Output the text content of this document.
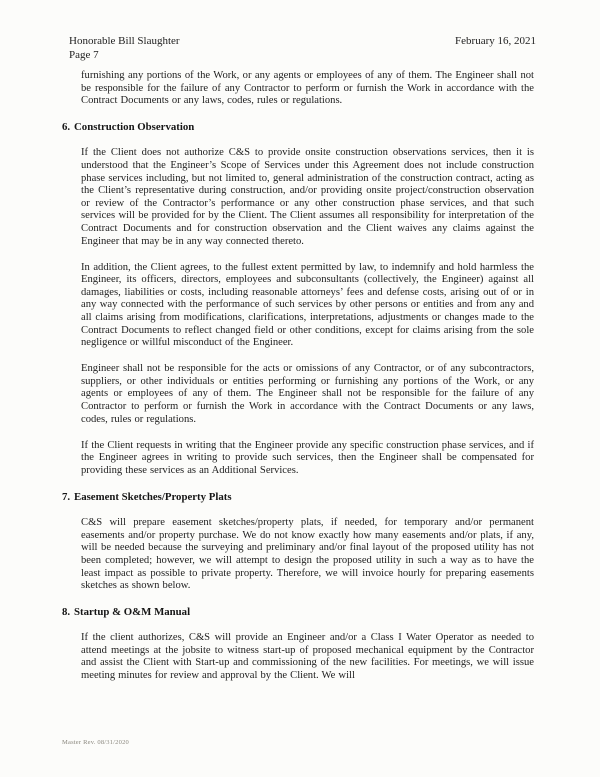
Honorable Bill Slaughter
Page 7
February 16, 2021

furnishing any portions of the Work, or any agents or employees of any of them. The Engineer shall not be responsible for the failure of any Contractor to perform or furnish the Work in accordance with the Contract Documents or any laws, codes, rules or regulations.

6. Construction Observation

If the Client does not authorize C&S to provide onsite construction observations services, then it is understood that the Engineer’s Scope of Services under this Agreement does not include construction phase services including, but not limited to, general administration of the construction contract, acting as the Client’s representative during construction, and/or providing onsite project/construction observation or review of the Contractor’s performance or any other construction phase services, and that such services will be provided for by the Client. The Client assumes all responsibility for interpretation of the Contract Documents and for construction observation and the Client waives any claims against the Engineer that may be in any way connected thereto.

In addition, the Client agrees, to the fullest extent permitted by law, to indemnify and hold harmless the Engineer, its officers, directors, employees and subconsultants (collectively, the Engineer) against all damages, liabilities or costs, including reasonable attorneys’ fees and defense costs, arising out of or in any way connected with the performance of such services by other persons or entities and from any and all claims arising from modifications, clarifications, interpretations, adjustments or changes made to the Contract Documents to reflect changed field or other conditions, except for claims arising from the sole negligence or willful misconduct of the Engineer.

Engineer shall not be responsible for the acts or omissions of any Contractor, or of any subcontractors, suppliers, or other individuals or entities performing or furnishing any portions of the Work, or any agents or employees of any of them. The Engineer shall not be responsible for the failure of any Contractor to perform or furnish the Work in accordance with the Contract Documents or any laws, codes, rules or regulations.

If the Client requests in writing that the Engineer provide any specific construction phase services, and if the Engineer agrees in writing to provide such services, then the Engineer shall be compensated for providing these services as an Additional Services.

7. Easement Sketches/Property Plats

C&S will prepare easement sketches/property plats, if needed, for temporary and/or permanent easements and/or property purchase. We do not know exactly how many easements and/or plats, if any, will be needed because the surveying and preliminary and/or final layout of the proposed utility has not been completed; however, we will attempt to design the proposed utility in such a way as to have the least impact as possible to private property. Therefore, we will invoice hourly for preparing easements sketches as shown below.

8. Startup & O&M Manual

If the client authorizes, C&S will provide an Engineer and/or a Class I Water Operator as needed to attend meetings at the jobsite to witness start-up of proposed mechanical equipment by the Contractor and assist the Client with Start-up and commissioning of the new facilities. For meetings, we will issue meeting minutes for review and approval by the Client. We will

Master Rev. 08/31/2020
